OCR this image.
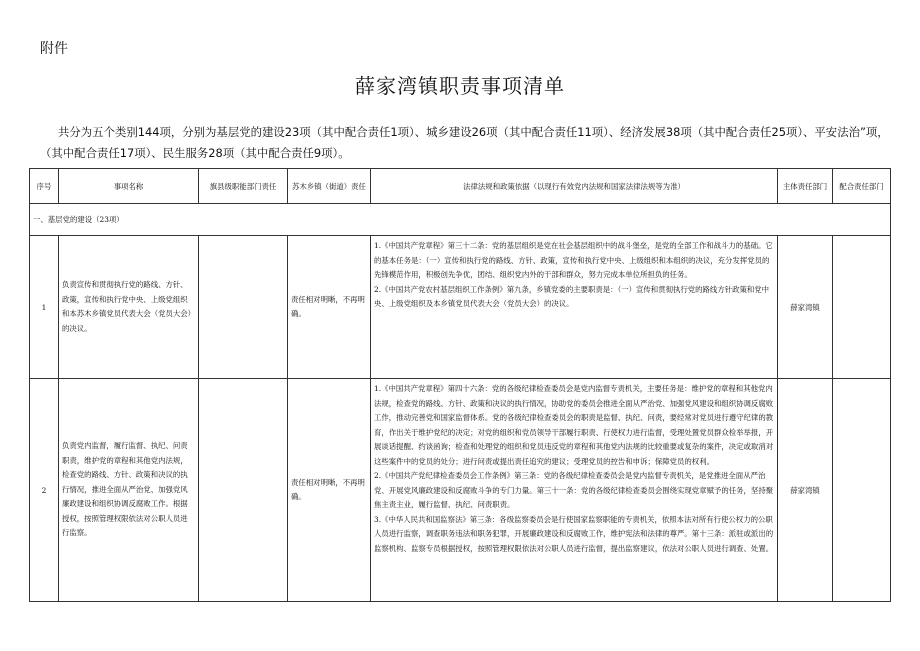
附件
薛家湾镇职责事项清单
共分为五个类别144项，分别为基层党的建设23项（其中配合责任1项）、城乡建设26项（其中配合责任11项）、经济发展38项（其中配合责任25项）、平安法治”项，（其中配合责任17项）、民生服务28项（其中配合责任9项）。
序号	事项名称	旗县级职能部门责任	苏木乡镇（街道）责任	法律法规和政策依据（以现行有效党内法规和国家法律法规等为准）	主体责任部门	配合责任部门
一、基层党的建设（23项）						
1	负责宣传和贯彻执行党的路线、方针、政策，宣传和执行党中央、上级党组织和本苏木乡镇党员代表大会（党员大会）的决议。		责任相对明晰，不再明确。	1.《中国共产党章程》第三十二条：党的基层组织是党在社会基层组织中的战斗堡垒，是党的全部工作和战斗力的基础。它的基本任务是：（一）宣传和执行党的路线、方针、政策，宣传和执行党中央、上级组织和本组织的决议，充分发挥党员的先锋模范作用，积极创先争优，团结、组织党内外的干部和群众，努力完成本单位所担负的任务。

2.《中国共产党农村基层组织工作条例》第九条，乡镇党委的主要职责是：（一）宣传和贯彻执行党的路线方针政策和党中央、上级党组织及本乡镇党员代表大会（党员大会）的决议。	薛家湾镇	
2	负责党内监督，履行监督、执纪、问责职责，维护党的章程和其他党内法规，检查党的路线、方针、政策和决议的执行情况，推进全面从严治党、加强党风廉政建设和组织协调反腐败工作。根据授权，按照管理权限依法对公职人员进行监察。		责任相对明晰，不再明确。	1.《中国共产党章程》第四十六条：党的各级纪律检查委员会是党内监督专责机关，主要任务是：维护党的章程和其他党内法规，检查党的路线、方针、政策和决议的执行情况，协助党的委员会推进全面从严治党、加强党风建设和组织协调反腐败工作，推动完善党和国家监督体系。党的各级纪律检查委员会的职责是监督、执纪、问责，要经常对党员进行遵守纪律的教育，作出关于维护党纪的决定；对党的组织和党员领导干部履行职责、行使权力进行监督，受理处置党员群众检举举报，开展谈话提醒、约谈函询；检查和处理党的组织和党员违反党的章程和其他党内法规的比较重要或复杂的案件，决定或取消对这些案件中的党员的处分；进行问责或提出责任追究的建议；受理党员的控告和申诉；保障党员的权利。

2.《中国共产党纪律检查委员会工作条例》第三条：党的各级纪律检查委员会是党内监督专责机关，是党推进全面从严治党、开展党风廉政建设和反腐败斗争的专门力量。第三十一条：党的各级纪律检查委员会围绕实现党章赋予的任务，坚持聚焦主责主业，履行监督、执纪、问责职责。

3.《中华人民共和国监察法》第三条：各级监察委员会是行使国家监察职能的专责机关，依照本法对所有行使公权力的公职人员进行监察，调查职务违法和职务犯罪，开展廉政建设和反腐败工作，维护宪法和法律的尊严。第十三条：派驻或派出的监察机构、监察专员根据授权，按照管理权限依法对公职人员进行监督，提出监察建议，依法对公职人员进行调查、处置。	薛家湾镇	
